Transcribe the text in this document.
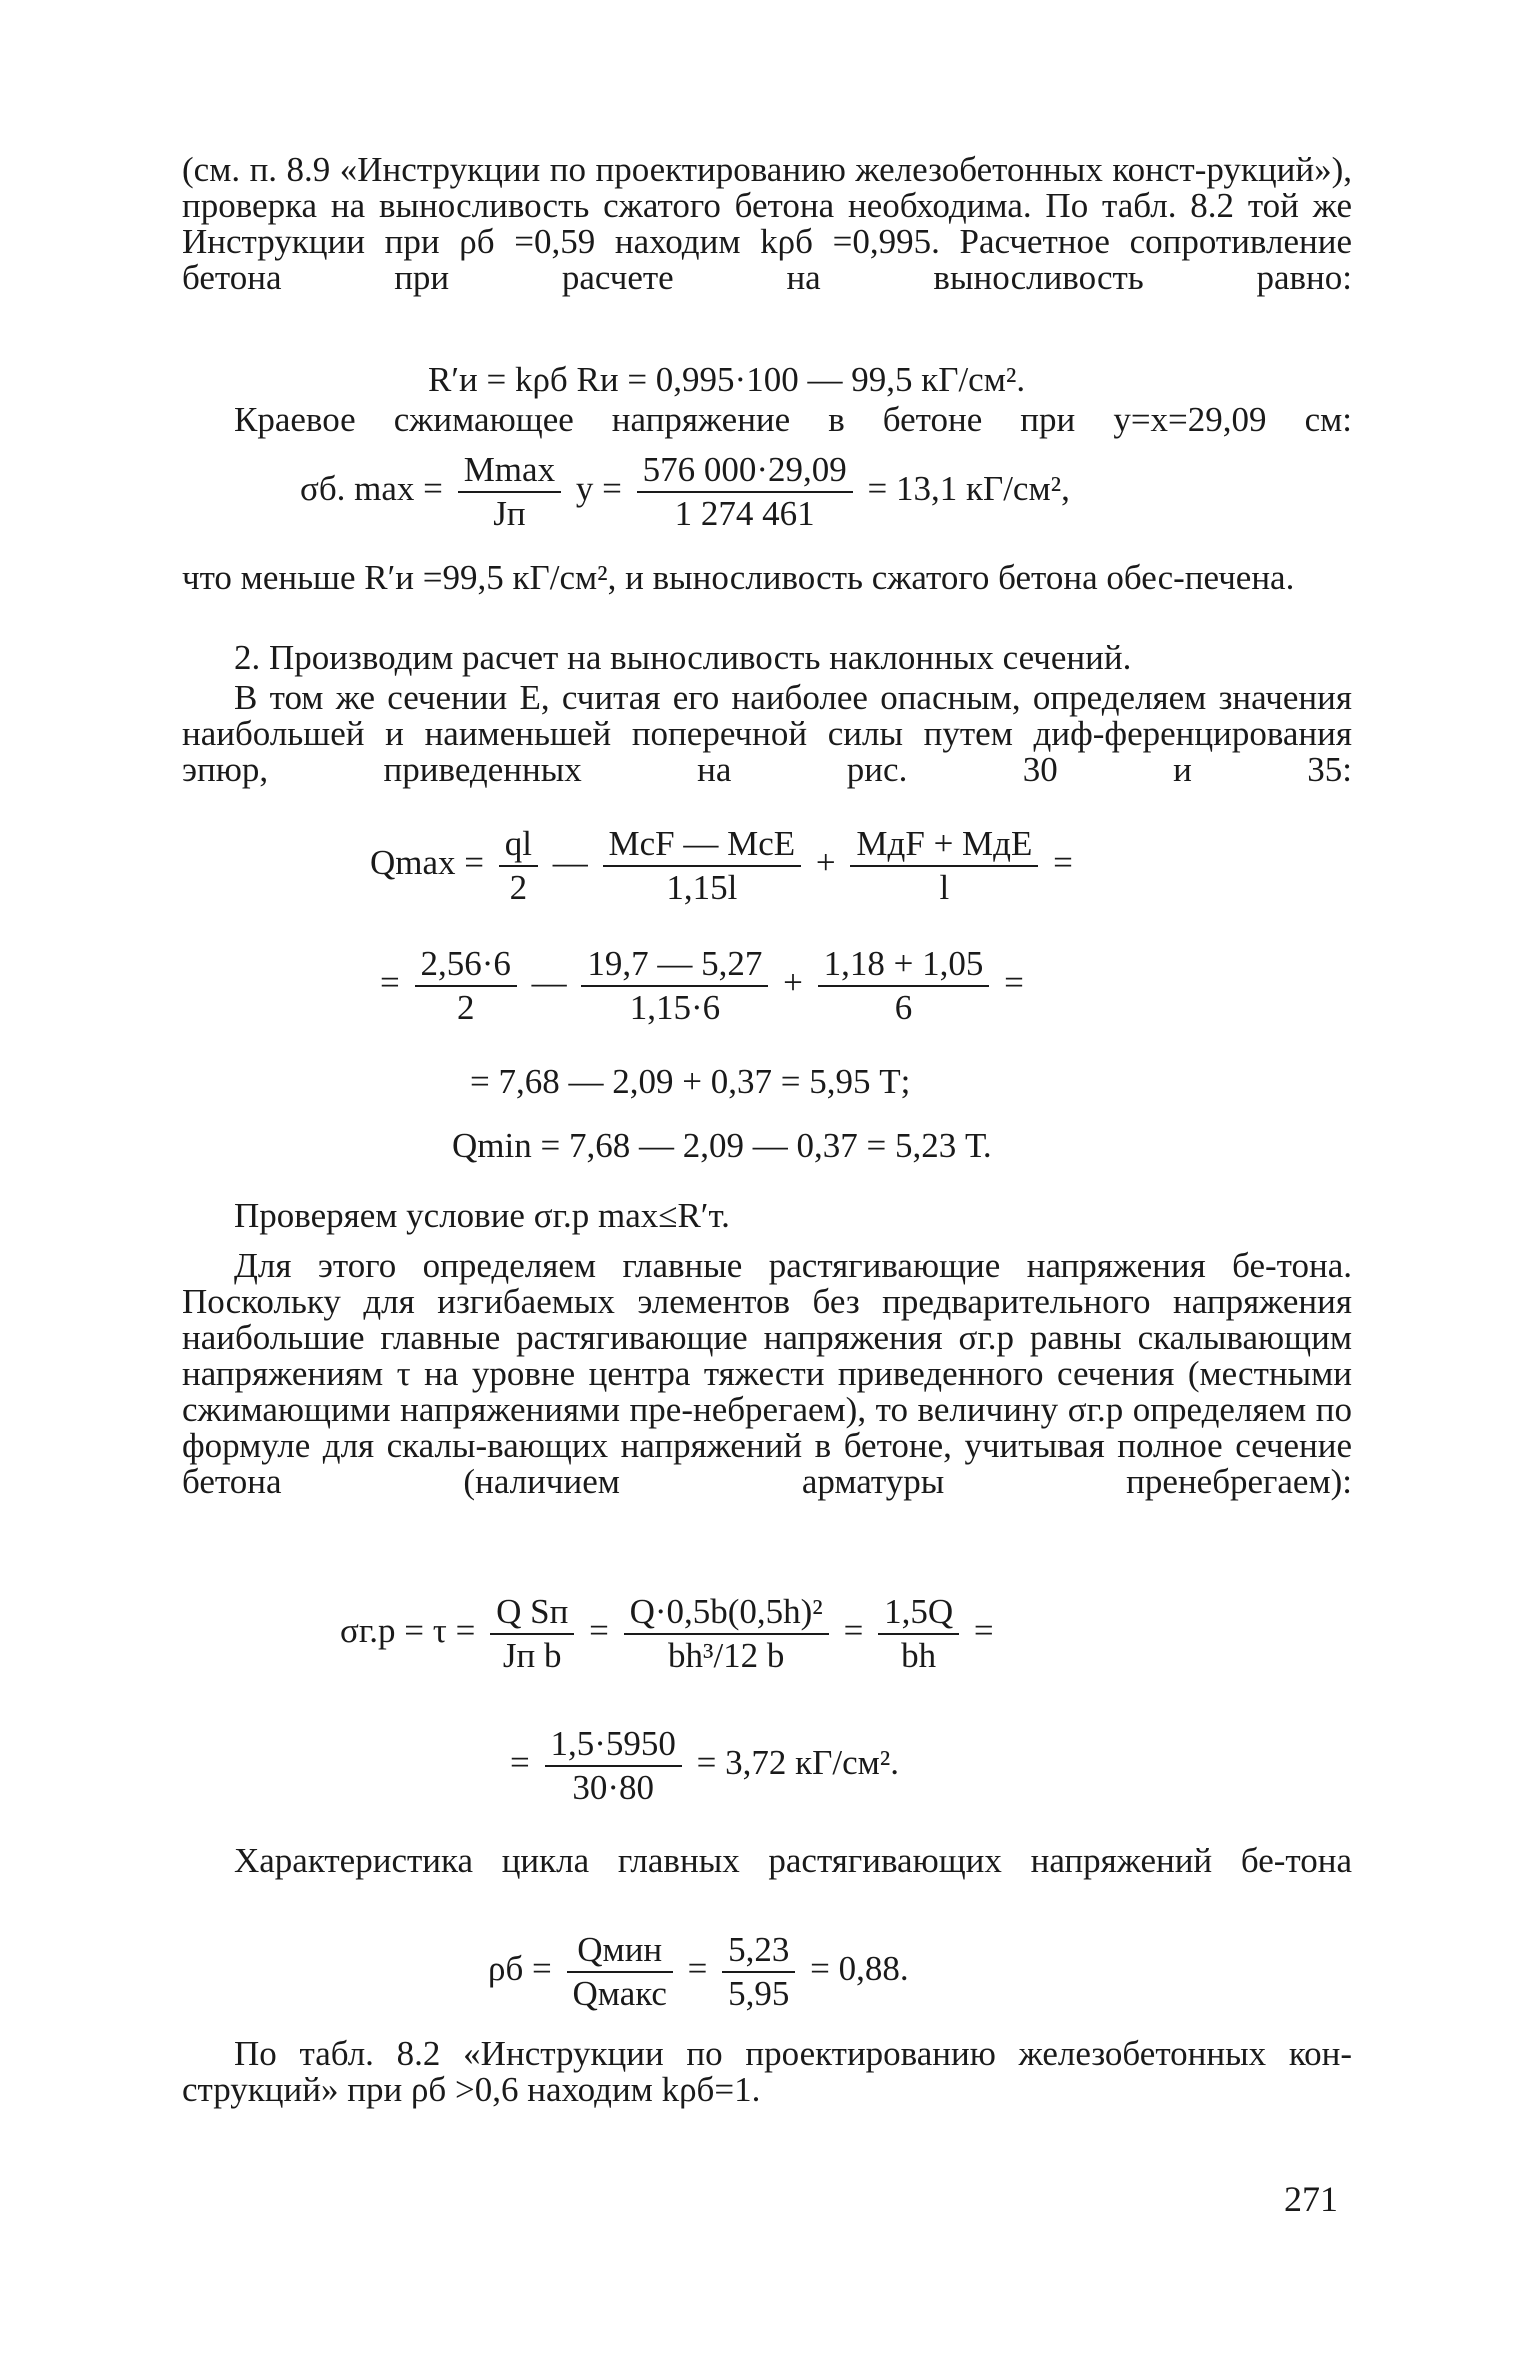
(см. п. 8.9 «Инструкции по проектированию железобетонных конст-рукций»), проверка на выносливость сжатого бетона необходима. По табл. 8.2 той же Инструкции при ρб =0,59 находим kρб =0,995. Расчетное сопротивление бетона при расчете на выносливость равно:

R′и = kρб Rи = 0,995·100 — 99,5 кГ/см².

Краевое сжимающее напряжение в бетоне при y=x=29,09 см:

σб. $\max = \frac{Mmax}{Jп}$ $y = \frac{576 000\cdot 29,09}{1 274 461} = 13,1$ кГ/см²,

что меньше R′и =99,5 кГ/см², и выносливость сжатого бетона обес-печена.

2. Производим расчет на выносливость наклонных сечений.

В том же сечении E, считая его наиболее опасным, определяем значения наибольшей и наименьшей поперечной силы путем диф-ференцирования эпюр, приведенных на рис. 30 и 35:

$Qmax = \frac{ql}{2}$ — $\frac{\text{McF — McE}}{1,15l} + \frac{\text{MдF + MдE}}{l}$ =
= $\frac{2,56\cdot 6}{2}$ — $\frac{19,7 — 5,27}{1,15\cdot 6} + \frac{1,18 + 1,05}{6}$ =
= 7,68 — 2,09 + 0,37 = 5,95 Т;
Qmin = 7,68 — 2,09 — 0,37 = 5,23 Т.

Проверяем условие σг.р max≤R′т.

Для этого определяем главные растягивающие напряжения бе-тона. Поскольку для изгибаемых элементов без предварительного напряжения наибольшие главные растягивающие напряжения σг.р равны скалывающим напряжениям τ на уровне центра тяжести приведенного сечения (местными сжимающими напряжениями пре-небрегаем), то величину σг.р определяем по формуле для скалы-вающих напряжений в бетоне, учитывая полное сечение бетона (наличием арматуры пренебрегаем):

$\sigma г.р = \tau = \frac{\text{Q Sп}}{\text{Jп b}} = \frac{\text{Q·0,5b(0,5h)²}}{\text{bh³/12 b}} = \frac{1,5Q}{bh}$ =
= $\frac{1,5\cdot 5950}{30\cdot 80} = 3,72$ кГ/см².

Характеристика цикла главных растягивающих напряжений бе-тона

$\rho б = \frac{\text{Qмин}}{\text{Qмакс}} = \frac{5,23}{5,95} = 0,88$.

По табл. 8.2 «Инструкции по проектированию железобетонных кон-струкций» при ρб >0,6 находим kρб=1.

271
